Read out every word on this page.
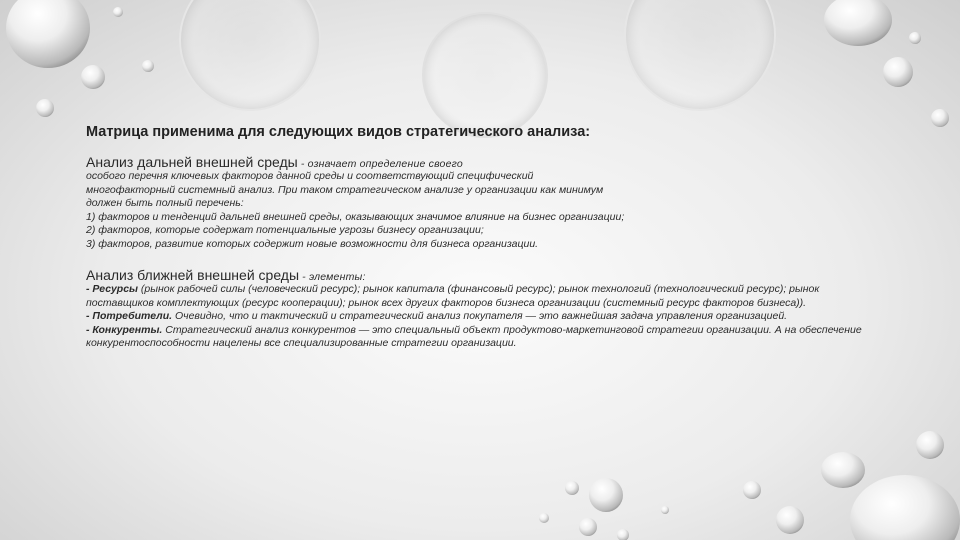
Матрица применима для следующих видов стратегического анализа:

Анализ дальней внешней среды - означает определение своего

особого перечня ключевых факторов данной среды и соответствующий специфический
многофакторный системный анализ. При таком стратегическом анализе у организации как минимум
должен быть полный перечень:
1) факторов и тенденций дальней внешней среды, оказывающих значимое влияние на бизнес организации;
2) факторов, которые содержат потенциальные угрозы бизнесу организации;
3) факторов, развитие которых содержит новые возможности для бизнеса организации.

Анализ ближней внешней среды - элементы:

- Ресурсы (рынок рабочей силы (человеческий ресурс); рынок капитала (финансовый ресурс); рынок технологий (технологический ресурс); рынок поставщиков комплектующих (ресурс кооперации); рынок всех других факторов бизнеса организации (системный ресурс факторов бизнеса)).
- Потребители. Очевидно, что и тактический и стратегический анализ покупателя — это важнейшая задача управления организацией.
- Конкуренты. Стратегический анализ конкурентов — это специальный объект продуктово-маркетинговой стратегии организации. А на обеспечение конкурентоспособности нацелены все специализированные стратегии организации.
